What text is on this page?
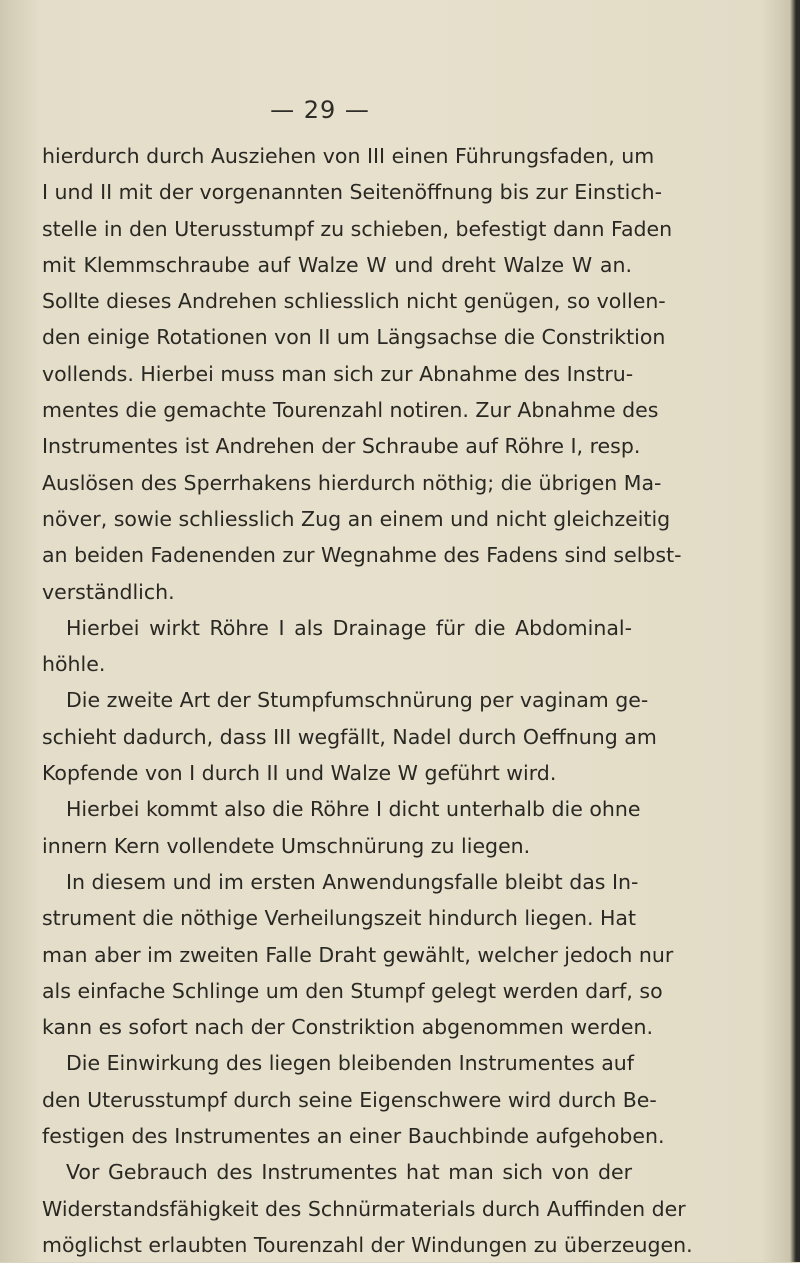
— 29 —
hierdurch durch Ausziehen von III einen Führungsfaden, um
I und II mit der vorgenannten Seitenöffnung bis zur Einstich-
stelle in den Uterusstumpf zu schieben, befestigt dann Faden
mit Klemmschraube auf Walze W und dreht Walze W an.
Sollte dieses Andrehen schliesslich nicht genügen, so vollen-
den einige Rotationen von II um Längsachse die Constriktion
vollends. Hierbei muss man sich zur Abnahme des Instru-
mentes die gemachte Tourenzahl notiren. Zur Abnahme des
Instrumentes ist Andrehen der Schraube auf Röhre I, resp.
Auslösen des Sperrhakens hierdurch nöthig; die übrigen Ma-
növer, sowie schliesslich Zug an einem und nicht gleichzeitig
an beiden Fadenenden zur Wegnahme des Fadens sind selbst-
verständlich.
Hierbei wirkt Röhre I als Drainage für die Abdominal-
höhle.
Die zweite Art der Stumpfumschnürung per vaginam ge-
schieht dadurch, dass III wegfällt, Nadel durch Oeffnung am
Kopfende von I durch II und Walze W geführt wird.
Hierbei kommt also die Röhre I dicht unterhalb die ohne
innern Kern vollendete Umschnürung zu liegen.
In diesem und im ersten Anwendungsfalle bleibt das In-
strument die nöthige Verheilungszeit hindurch liegen. Hat
man aber im zweiten Falle Draht gewählt, welcher jedoch nur
als einfache Schlinge um den Stumpf gelegt werden darf, so
kann es sofort nach der Constriktion abgenommen werden.
Die Einwirkung des liegen bleibenden Instrumentes auf
den Uterusstumpf durch seine Eigenschwere wird durch Be-
festigen des Instrumentes an einer Bauchbinde aufgehoben.
Vor Gebrauch des Instrumentes hat man sich von der
Widerstandsfähigkeit des Schnürmaterials durch Auffinden der
möglichst erlaubten Tourenzahl der Windungen zu überzeugen.
